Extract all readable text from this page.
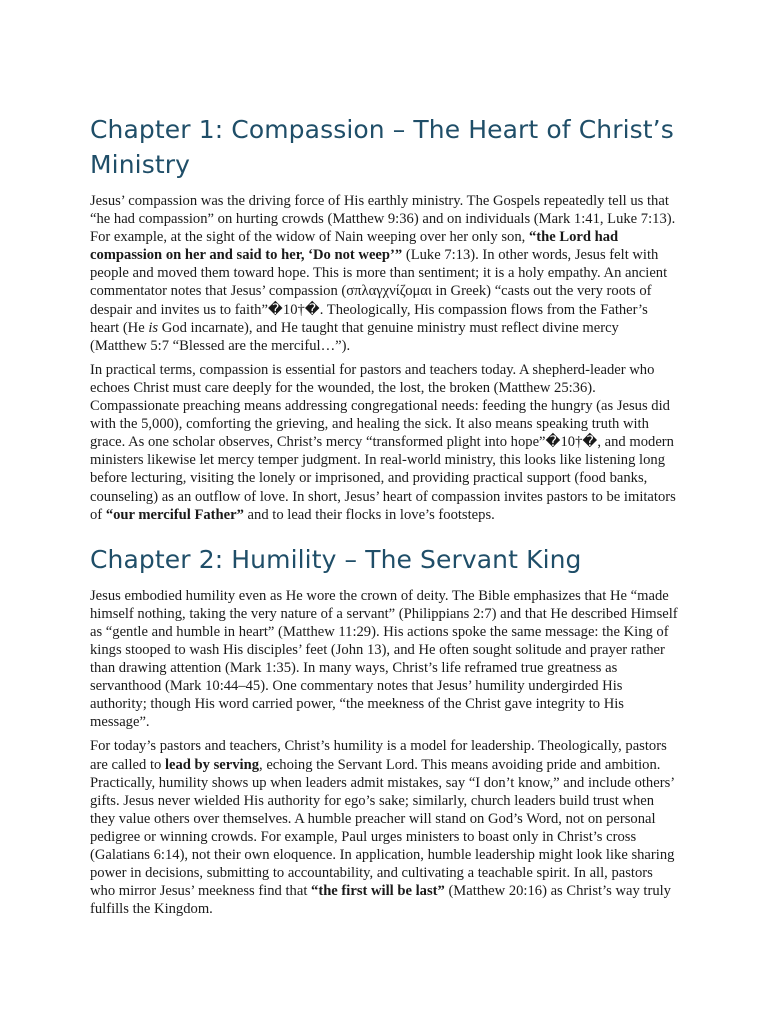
Chapter 1: Compassion – The Heart of Christ’s Ministry

Jesus’ compassion was the driving force of His earthly ministry. The Gospels repeatedly tell us that “he had compassion” on hurting crowds (Matthew 9:36) and on individuals (Mark 1:41, Luke 7:13). For example, at the sight of the widow of Nain weeping over her only son, “the Lord had compassion on her and said to her, ‘Do not weep’” (Luke 7:13). In other words, Jesus felt with people and moved them toward hope. This is more than sentiment; it is a holy empathy. An ancient commentator notes that Jesus’ compassion (σπλαγχνίζομαι in Greek) “casts out the very roots of despair and invites us to faith”�10†�. Theologically, His compassion flows from the Father’s heart (He is God incarnate), and He taught that genuine ministry must reflect divine mercy (Matthew 5:7 “Blessed are the merciful…”).

In practical terms, compassion is essential for pastors and teachers today. A shepherd-leader who echoes Christ must care deeply for the wounded, the lost, the broken (Matthew 25:36). Compassionate preaching means addressing congregational needs: feeding the hungry (as Jesus did with the 5,000), comforting the grieving, and healing the sick. It also means speaking truth with grace. As one scholar observes, Christ’s mercy “transformed plight into hope”�10†�, and modern ministers likewise let mercy temper judgment. In real-world ministry, this looks like listening long before lecturing, visiting the lonely or imprisoned, and providing practical support (food banks, counseling) as an outflow of love. In short, Jesus’ heart of compassion invites pastors to be imitators of “our merciful Father” and to lead their flocks in love’s footsteps.

Chapter 2: Humility – The Servant King

Jesus embodied humility even as He wore the crown of deity. The Bible emphasizes that He “made himself nothing, taking the very nature of a servant” (Philippians 2:7) and that He described Himself as “gentle and humble in heart” (Matthew 11:29). His actions spoke the same message: the King of kings stooped to wash His disciples’ feet (John 13), and He often sought solitude and prayer rather than drawing attention (Mark 1:35). In many ways, Christ’s life reframed true greatness as servanthood (Mark 10:44–45). One commentary notes that Jesus’ humility undergirded His authority; though His word carried power, “the meekness of the Christ gave integrity to His message”.

For today’s pastors and teachers, Christ’s humility is a model for leadership. Theologically, pastors are called to lead by serving, echoing the Servant Lord. This means avoiding pride and ambition. Practically, humility shows up when leaders admit mistakes, say “I don’t know,” and include others’ gifts. Jesus never wielded His authority for ego’s sake; similarly, church leaders build trust when they value others over themselves. A humble preacher will stand on God’s Word, not on personal pedigree or winning crowds. For example, Paul urges ministers to boast only in Christ’s cross (Galatians 6:14), not their own eloquence. In application, humble leadership might look like sharing power in decisions, submitting to accountability, and cultivating a teachable spirit. In all, pastors who mirror Jesus’ meekness find that “the first will be last” (Matthew 20:16) as Christ’s way truly fulfills the Kingdom.
